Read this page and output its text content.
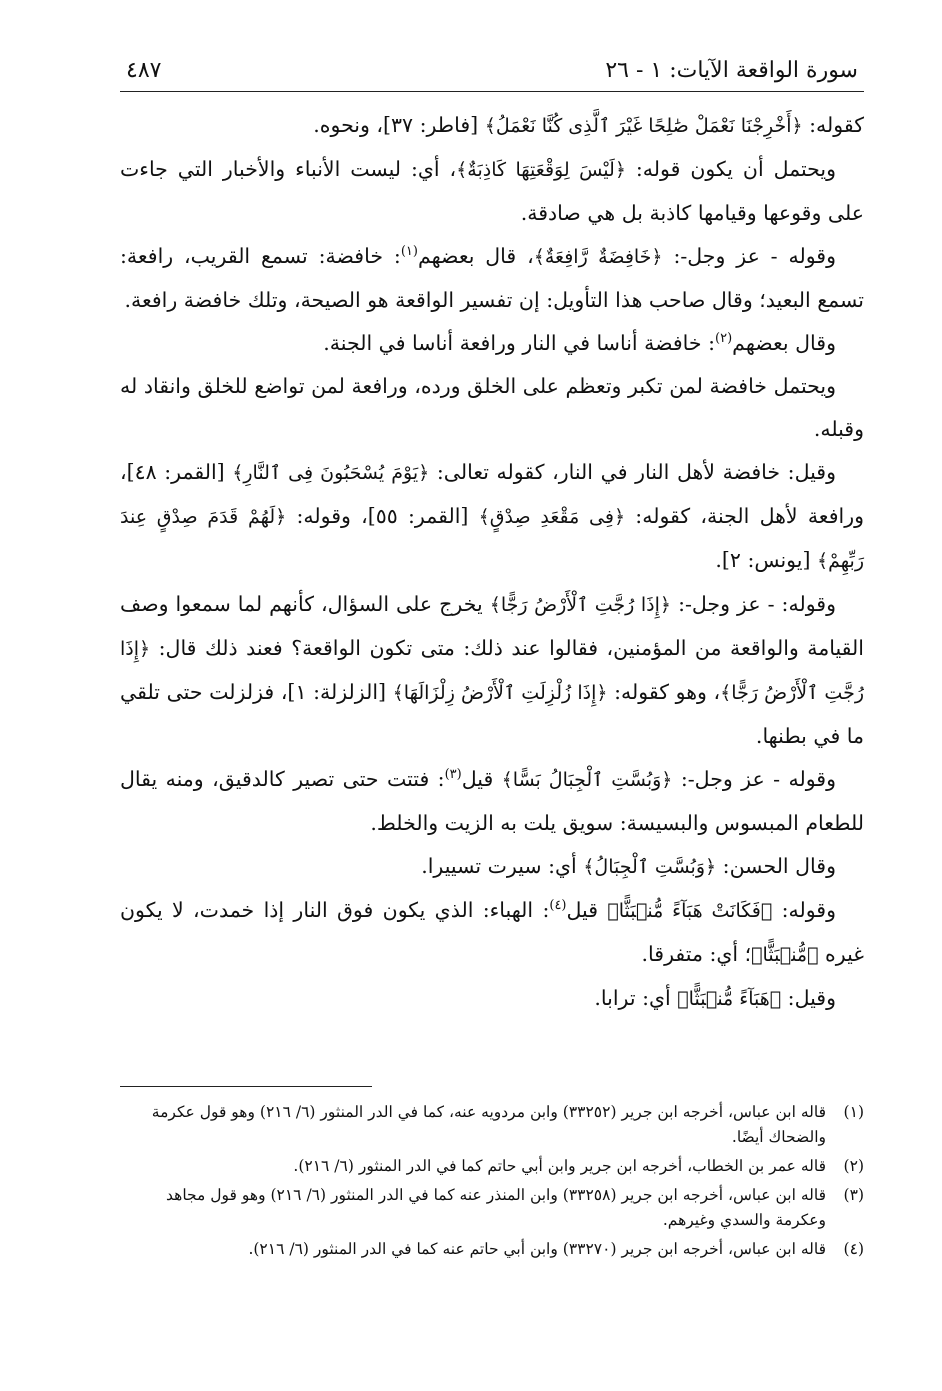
سورة الواقعة الآيات: ١ - ٢٦
٤٨٧

كقوله: ﴿أَخْرِجْنَا نَعْمَلْ صَٰلِحًا غَيْرَ ٱلَّذِى كُنَّا نَعْمَلُ﴾ [فاطر: ٣٧]، ونحوه.

ويحتمل أن يكون قوله: ﴿لَيْسَ لِوَقْعَتِهَا كَاذِبَةٌ﴾، أي: ليست الأنباء والأخبار التي جاءت على وقوعها وقيامها كاذبة بل هي صادقة.

وقوله - عز وجل-: ﴿خَافِضَةٌ رَّافِعَةٌ﴾، قال بعضهم$^{(١)}$: خافضة: تسمع القريب، رافعة: تسمع البعيد؛ وقال صاحب هذا التأويل: إن تفسير الواقعة هو الصيحة، وتلك خافضة رافعة.

وقال بعضهم$^{(٢)}$: خافضة أناسا في النار ورافعة أناسا في الجنة.

ويحتمل خافضة لمن تكبر وتعظم على الخلق ورده، ورافعة لمن تواضع للخلق وانقاد له وقبله.

وقيل: خافضة لأهل النار في النار، كقوله تعالى: ﴿يَوْمَ يُسْحَبُونَ فِى ٱلنَّارِ﴾ [القمر: ٤٨]، ورافعة لأهل الجنة، كقوله: ﴿فِى مَقْعَدِ صِدْقٍ﴾ [القمر: ٥٥]، وقوله: ﴿لَهُمْ قَدَمَ صِدْقٍ عِندَ رَبِّهِمْ﴾ [يونس: ٢].

وقوله: - عز وجل-: ﴿إِذَا رُجَّتِ ٱلْأَرْضُ رَجًّا﴾ يخرج على السؤال، كأنهم لما سمعوا وصف القيامة والواقعة من المؤمنين، فقالوا عند ذلك: متى تكون الواقعة؟ فعند ذلك قال: ﴿إِذَا رُجَّتِ ٱلْأَرْضُ رَجًّا﴾، وهو كقوله: ﴿إِذَا زُلْزِلَتِ ٱلْأَرْضُ زِلْزَالَهَا﴾ [الزلزلة: ١]، فزلزلت حتى تلقي ما في بطنها.

وقوله - عز وجل-: ﴿وَبُسَّتِ ٱلْجِبَالُ بَسًّا﴾ قيل$^{(٣)}$: فتتت حتى تصير كالدقيق، ومنه يقال للطعام المبسوس والبسيسة: سويق يلت به الزيت والخلط.

وقال الحسن: ﴿وَبُسَّتِ ٱلْجِبَالُ﴾ أي: سيرت تسييرا.

وقوله: ﴿فَكَانَتْ هَبَآءً مُّنۢبَثًّا﴾ قيل$^{(٤)}$: الهباء: الذي يكون فوق النار إذا خمدت، لا يكون غيره ﴿مُّنۢبَثًّا﴾؛ أي: متفرقا.

وقيل: ﴿هَبَآءً مُّنۢبَثًّا﴾ أي: ترابا.

(١)
قاله ابن عباس، أخرجه ابن جرير (٣٣٢٥٢) وابن مردويه عنه، كما في الدر المنثور (٦/ ٢١٦) وهو قول عكرمة والضحاك أيضًا.
(٢)
قاله عمر بن الخطاب، أخرجه ابن جرير وابن أبي حاتم كما في الدر المنثور (٦/ ٢١٦).
(٣)
قاله ابن عباس، أخرجه ابن جرير (٣٣٢٥٨) وابن المنذر عنه كما في الدر المنثور (٦/ ٢١٦) وهو قول مجاهد وعكرمة والسدي وغيرهم.
(٤)
قاله ابن عباس، أخرجه ابن جرير (٣٣٢٧٠) وابن أبي حاتم عنه كما في الدر المنثور (٦/ ٢١٦).
